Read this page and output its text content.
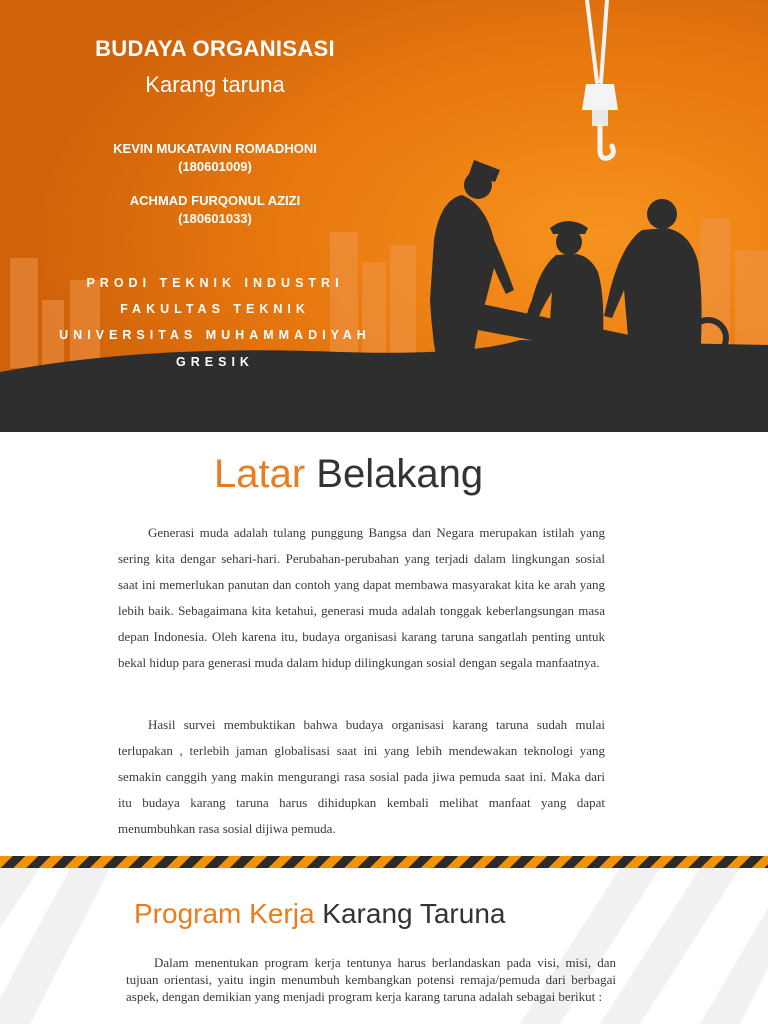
BUDAYA ORGANISASI
Karang taruna
KEVIN MUKATAVIN ROMADHONI
(180601009)
ACHMAD FURQONUL AZIZI
(180601033)
PRODI TEKNIK INDUSTRI
FAKULTAS TEKNIK
UNIVERSITAS MUHAMMADIYAH
GRESIK
Latar Belakang

Generasi muda adalah tulang punggung Bangsa dan Negara merupakan istilah yang sering kita dengar sehari-hari. Perubahan-perubahan yang terjadi dalam lingkungan sosial saat ini memerlukan panutan dan contoh yang dapat membawa masyarakat kita ke arah yang lebih baik. Sebagaimana kita ketahui, generasi muda adalah tonggak keberlangsungan masa depan Indonesia. Oleh karena itu, budaya organisasi karang taruna sangatlah penting untuk bekal hidup para generasi muda dalam hidup dilingkungan sosial dengan segala manfaatnya.

Hasil survei membuktikan bahwa budaya organisasi karang taruna sudah mulai terlupakan , terlebih jaman globalisasi saat ini yang lebih mendewakan teknologi yang semakin canggih yang makin mengurangi rasa sosial pada jiwa pemuda saat ini. Maka dari itu budaya karang taruna harus dihidupkan kembali melihat manfaat yang dapat menumbuhkan rasa sosial dijiwa pemuda.

Program Kerja Karang Taruna

Dalam menentukan program kerja tentunya harus berlandaskan pada visi, misi, dan tujuan orientasi, yaitu ingin menumbuh kembangkan potensi remaja/pemuda dari berbagai aspek, dengan demikian yang menjadi program kerja karang taruna adalah sebagai berikut :
